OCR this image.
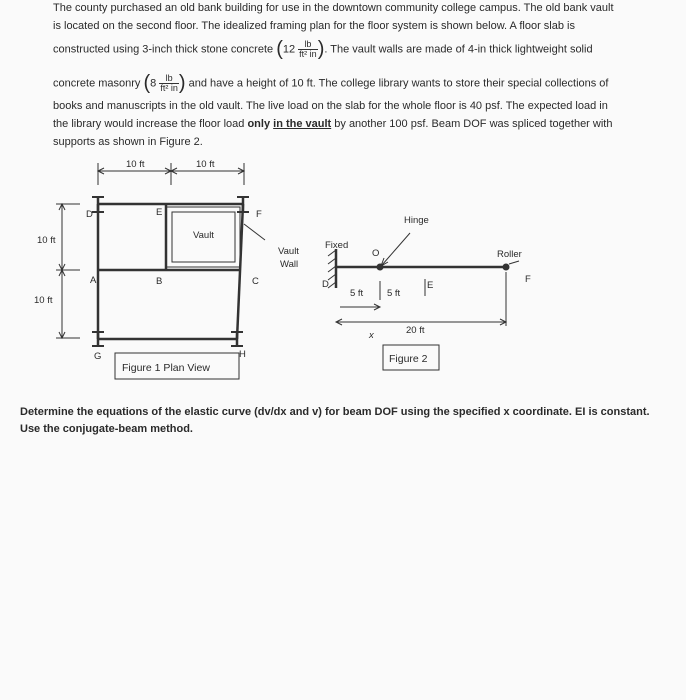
The county purchased an old bank building for use in the downtown community college campus. The old bank vault
is located on the second floor. The idealized framing plan for the floor system is shown below. A floor slab is
constructed using 3-inch thick stone concrete ($12 \frac{lb}{\text{ft² in}}$ ). The vault walls are made of 4-in thick lightweight solid
concrete masonry ($8 \frac{lb}{\text{ft² in}}$ ) and have a height of 10 ft. The college library wants to store their special collections of
books and manuscripts in the old vault. The live load on the slab for the whole floor is 40 psf. The expected load in
the library would increase the floor load only in the vault by another 100 psf. Beam DOF was spliced together with
supports as shown in Figure 2.
10 ft	10 ft
10 ft
10 ft
D	E	F
A	B	C
G	H
Vault
Figure 1 Plan View
Vault
Wall
Fixed
O
Hinge
Roller
D	E
F
5 ft	5 ft
20 ft
x
Figure 2
Determine the equations of the elastic curve (dv/dx and v) for beam DOF using the specified x coordinate. EI is constant.
Use the conjugate-beam method.
